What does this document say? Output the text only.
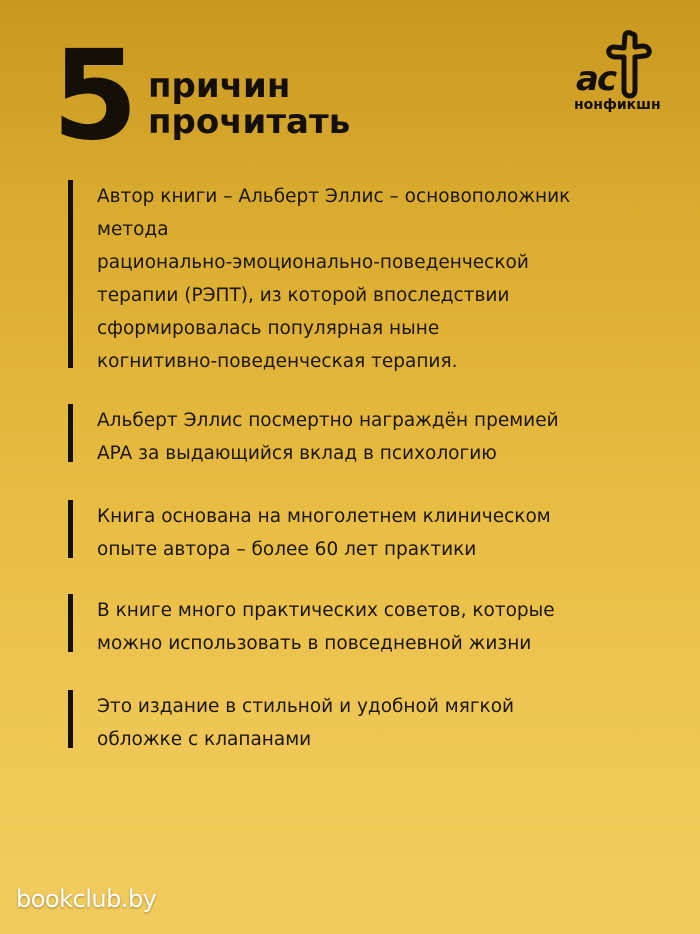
5 причин
прочитать
ас
нонфикшн
Автор книги – Альберт Эллис – основоположник
метода
рационально-эмоционально-поведенческой
терапии (РЭПТ), из которой впоследствии
сформировалась популярная ныне
когнитивно-поведенческая терапия.
Альберт Эллис посмертно награждён премией
APA за выдающийся вклад в психологию
Книга основана на многолетнем клиническом
опыте автора – более 60 лет практики
В книге много практических советов, которые
можно использовать в повседневной жизни
Это издание в стильной и удобной мягкой
обложке с клапанами
bookclub.by
